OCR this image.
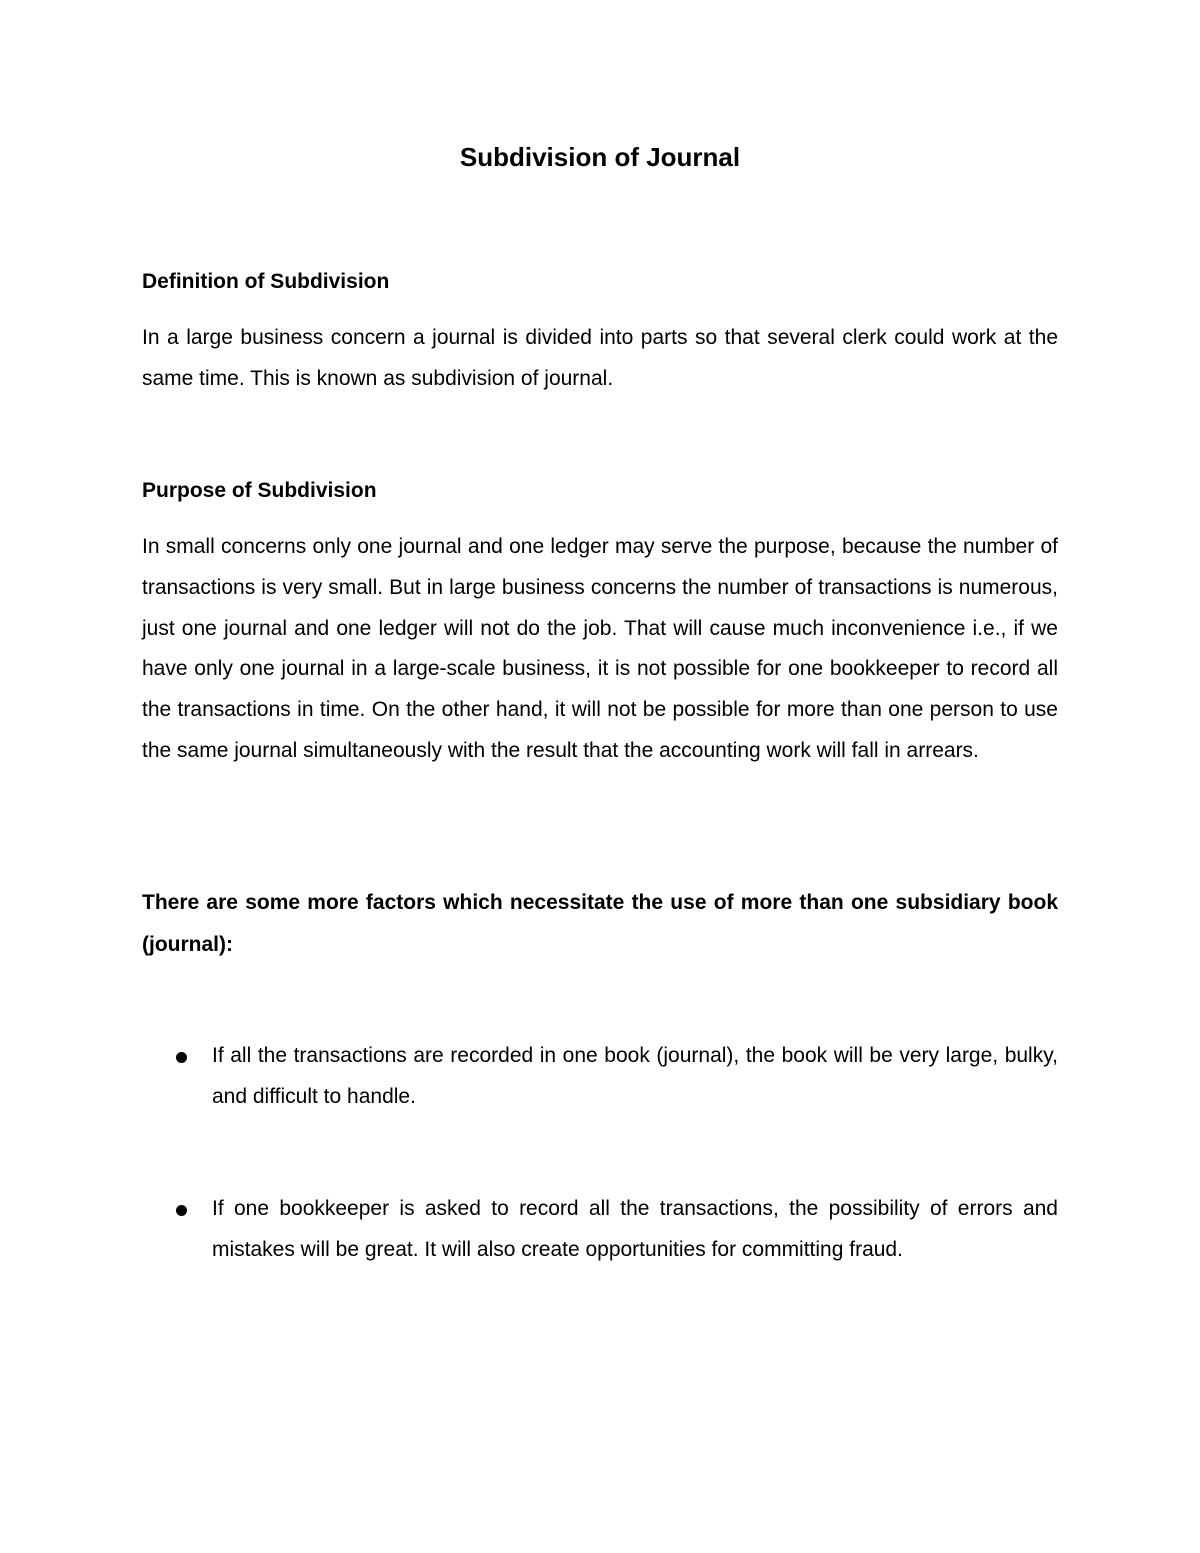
Subdivision of Journal
Definition of Subdivision

In a large business concern a journal is divided into parts so that several clerk could work at the same time. This is known as subdivision of journal.

Purpose of Subdivision

In small concerns only one journal and one ledger may serve the purpose, because the number of transactions is very small. But in large business concerns the number of transactions is numerous, just one journal and one ledger will not do the job. That will cause much inconvenience i.e., if we have only one journal in a large-scale business, it is not possible for one bookkeeper to record all the transactions in time. On the other hand, it will not be possible for more than one person to use the same journal simultaneously with the result that the accounting work will fall in arrears.

There are some more factors which necessitate the use of more than one subsidiary book (journal):

If all the transactions are recorded in one book (journal), the book will be very large, bulky, and difficult to handle.
If one bookkeeper is asked to record all the transactions, the possibility of errors and mistakes will be great. It will also create opportunities for committing fraud.
